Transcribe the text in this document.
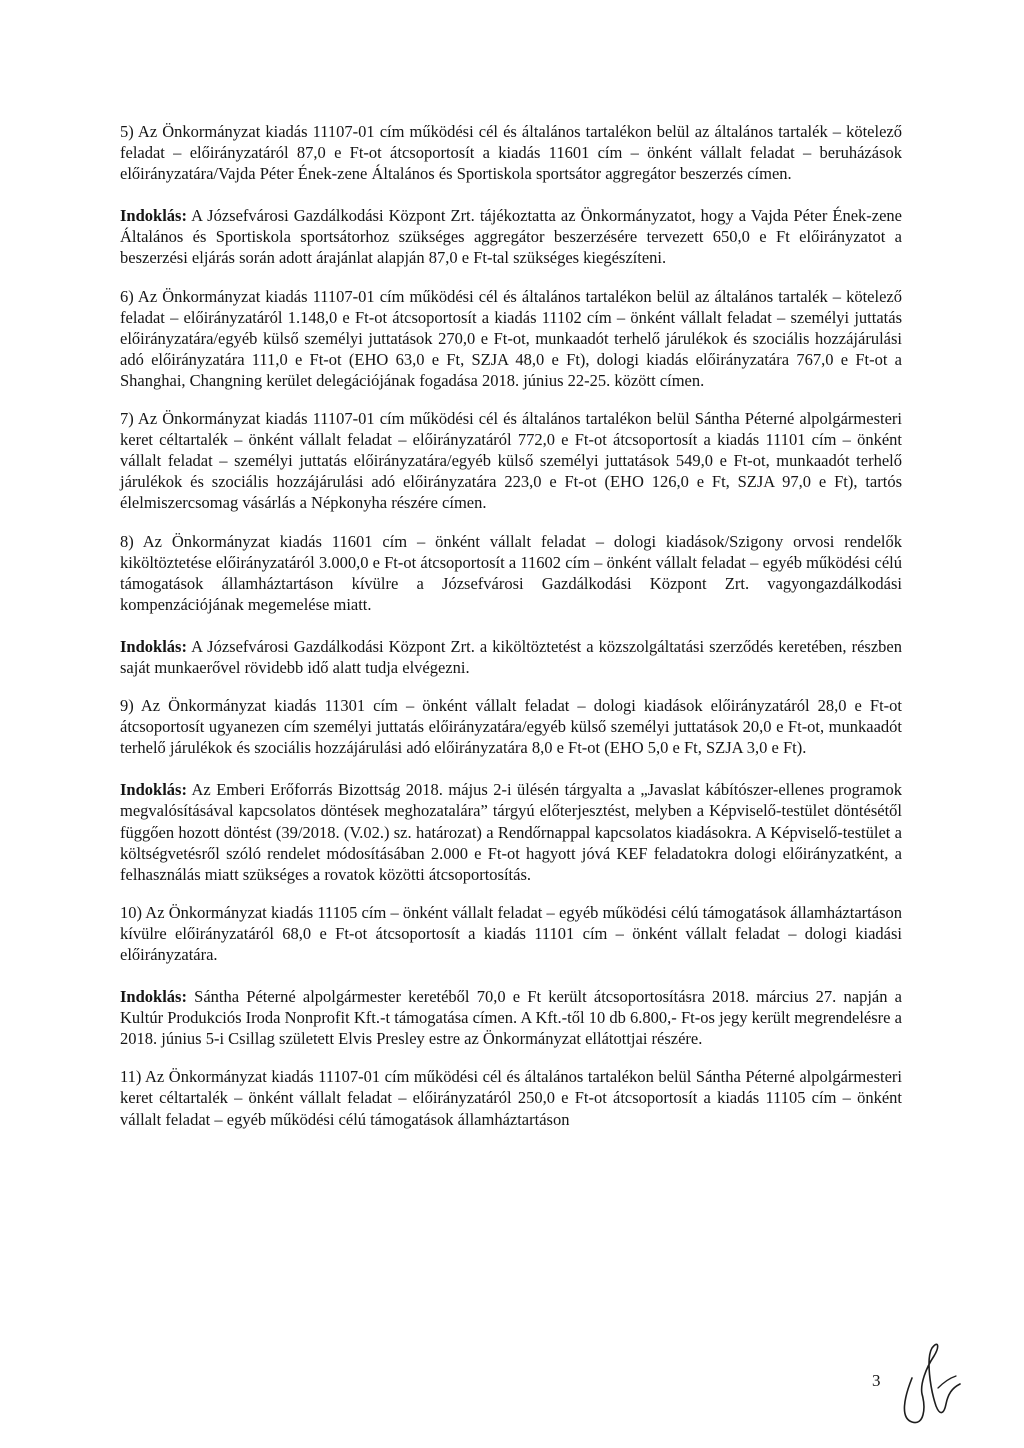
5) Az Önkormányzat kiadás 11107-01 cím működési cél és általános tartalékon belül az általános tartalék – kötelező feladat – előirányzatáról 87,0 e Ft-ot átcsoportosít a kiadás 11601 cím – önként vállalt feladat – beruházások előirányzatára/Vajda Péter Ének-zene Általános és Sportiskola sportsátor aggregátor beszerzés címen.

Indoklás: A Józsefvárosi Gazdálkodási Központ Zrt. tájékoztatta az Önkormányzatot, hogy a Vajda Péter Ének-zene Általános és Sportiskola sportsátorhoz szükséges aggregátor beszerzésére tervezett 650,0 e Ft előirányzatot a beszerzési eljárás során adott árajánlat alapján 87,0 e Ft-tal szükséges kiegészíteni.

6) Az Önkormányzat kiadás 11107-01 cím működési cél és általános tartalékon belül az általános tartalék – kötelező feladat – előirányzatáról 1.148,0 e Ft-ot átcsoportosít a kiadás 11102 cím – önként vállalt feladat – személyi juttatás előirányzatára/egyéb külső személyi juttatások 270,0 e Ft-ot, munkaadót terhelő járulékok és szociális hozzájárulási adó előirányzatára 111,0 e Ft-ot (EHO 63,0 e Ft, SZJA 48,0 e Ft), dologi kiadás előirányzatára 767,0 e Ft-ot a Shanghai, Changning kerület delegációjának fogadása 2018. június 22-25. között címen.

7) Az Önkormányzat kiadás 11107-01 cím működési cél és általános tartalékon belül Sántha Péterné alpolgármesteri keret céltartalék – önként vállalt feladat – előirányzatáról 772,0 e Ft-ot átcsoportosít a kiadás 11101 cím – önként vállalt feladat – személyi juttatás előirányzatára/egyéb külső személyi juttatások 549,0 e Ft-ot, munkaadót terhelő járulékok és szociális hozzájárulási adó előirányzatára 223,0 e Ft-ot (EHO 126,0 e Ft, SZJA 97,0 e Ft), tartós élelmiszercsomag vásárlás a Népkonyha részére címen.

8) Az Önkormányzat kiadás 11601 cím – önként vállalt feladat – dologi kiadások/Szigony orvosi rendelők kiköltöztetése előirányzatáról 3.000,0 e Ft-ot átcsoportosít a 11602 cím – önként vállalt feladat – egyéb működési célú támogatások államháztartáson kívülre a Józsefvárosi Gazdálkodási Központ Zrt. vagyongazdálkodási kompenzációjának megemelése miatt.

Indoklás: A Józsefvárosi Gazdálkodási Központ Zrt. a kiköltöztetést a közszolgáltatási szerződés keretében, részben saját munkaerővel rövidebb idő alatt tudja elvégezni.

9) Az Önkormányzat kiadás 11301 cím – önként vállalt feladat – dologi kiadások előirányzatáról 28,0 e Ft-ot átcsoportosít ugyanezen cím személyi juttatás előirányzatára/egyéb külső személyi juttatások 20,0 e Ft-ot, munkaadót terhelő járulékok és szociális hozzájárulási adó előirányzatára 8,0 e Ft-ot (EHO 5,0 e Ft, SZJA 3,0 e Ft).

Indoklás: Az Emberi Erőforrás Bizottság 2018. május 2-i ülésén tárgyalta a „Javaslat kábítószer-ellenes programok megvalósításával kapcsolatos döntések meghozatalára” tárgyú előterjesztést, melyben a Képviselő-testület döntésétől függően hozott döntést (39/2018. (V.02.) sz. határozat) a Rendőrnappal kapcsolatos kiadásokra. A Képviselő-testület a költségvetésről szóló rendelet módosításában 2.000 e Ft-ot hagyott jóvá KEF feladatokra dologi előirányzatként, a felhasználás miatt szükséges a rovatok közötti átcsoportosítás.

10) Az Önkormányzat kiadás 11105 cím – önként vállalt feladat – egyéb működési célú támogatások államháztartáson kívülre előirányzatáról 68,0 e Ft-ot átcsoportosít a kiadás 11101 cím – önként vállalt feladat – dologi kiadási előirányzatára.

Indoklás: Sántha Péterné alpolgármester keretéből 70,0 e Ft került átcsoportosításra 2018. március 27. napján a Kultúr Produkciós Iroda Nonprofit Kft.-t támogatása címen. A Kft.-től 10 db 6.800,- Ft-os jegy került megrendelésre a 2018. június 5-i Csillag született Elvis Presley estre az Önkormányzat ellátottjai részére.

11) Az Önkormányzat kiadás 11107-01 cím működési cél és általános tartalékon belül Sántha Péterné alpolgármesteri keret céltartalék – önként vállalt feladat – előirányzatáról 250,0 e Ft-ot átcsoportosít a kiadás 11105 cím – önként vállalt feladat – egyéb működési célú támogatások államháztartáson

3
